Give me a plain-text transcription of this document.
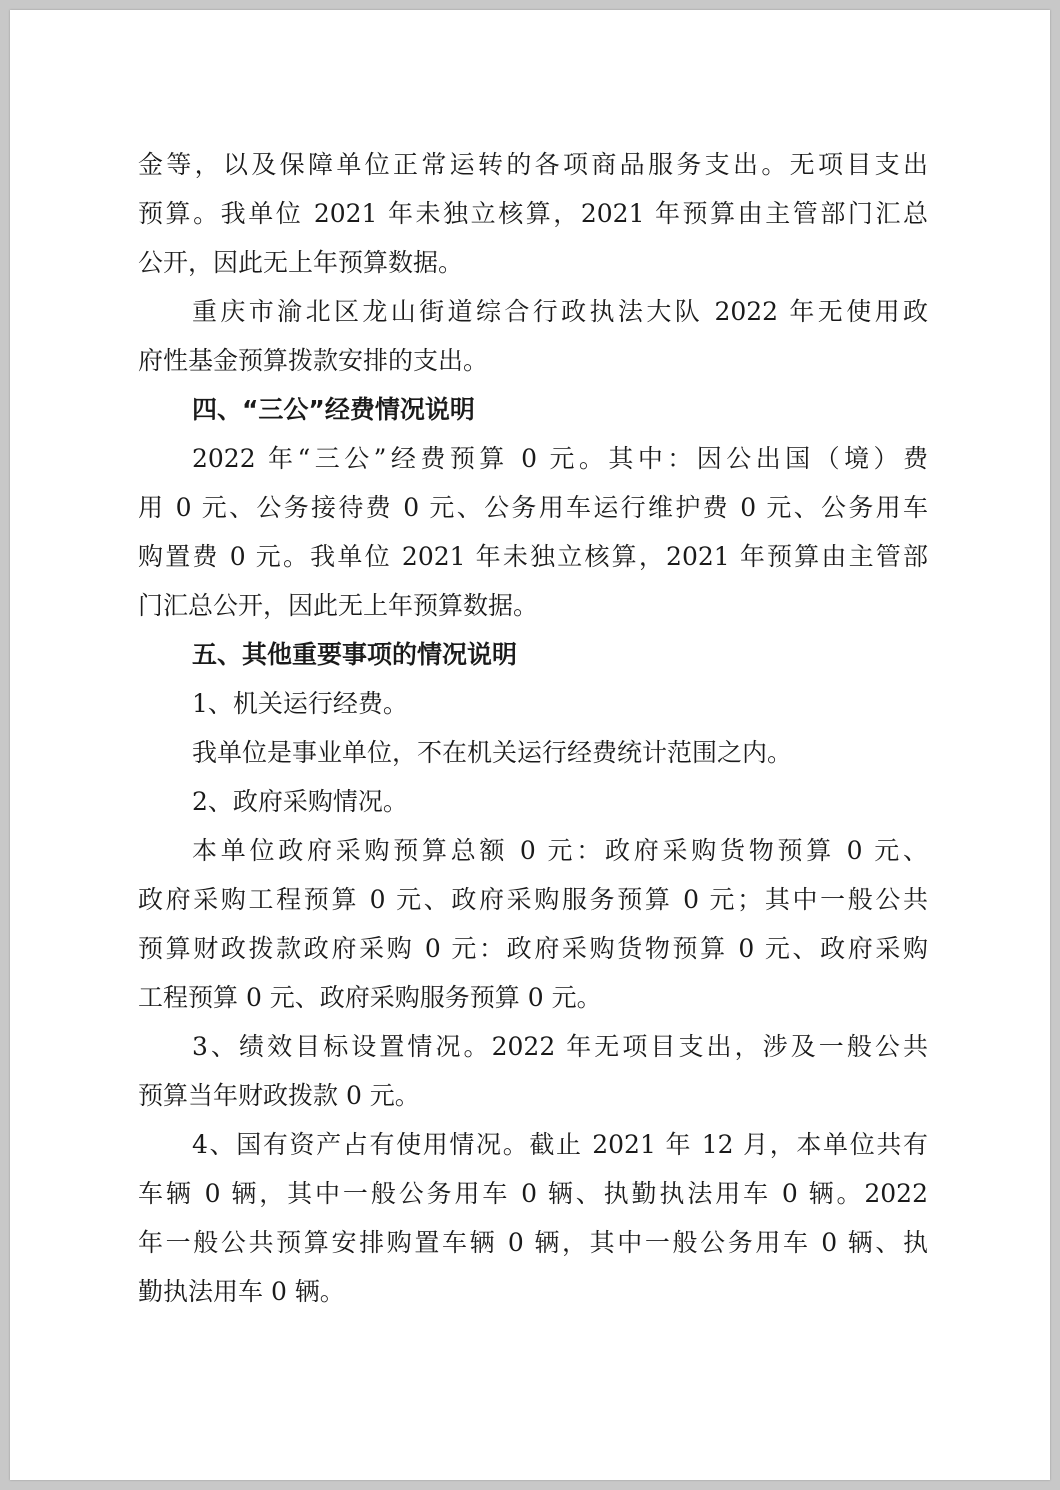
金等，以及保障单位正常运转的各项商品服务支出。无项目支出
预算。我单位 2021 年未独立核算，2021 年预算由主管部门汇总
公开，因此无上年预算数据。
重庆市渝北区龙山街道综合行政执法大队 2022 年无使用政
府性基金预算拨款安排的支出。
四、“三公”经费情况说明
2022 年“三公”经费预算 0 元。其中：因公出国（境）费
用 0 元、公务接待费 0 元、公务用车运行维护费 0 元、公务用车
购置费 0 元。我单位 2021 年未独立核算，2021 年预算由主管部
门汇总公开，因此无上年预算数据。
五、其他重要事项的情况说明
1、机关运行经费。
我单位是事业单位，不在机关运行经费统计范围之内。
2、政府采购情况。
本单位政府采购预算总额 0 元：政府采购货物预算 0 元、
政府采购工程预算 0 元、政府采购服务预算 0 元；其中一般公共
预算财政拨款政府采购 0 元：政府采购货物预算 0 元、政府采购
工程预算 0 元、政府采购服务预算 0 元。
3、绩效目标设置情况。2022 年无项目支出，涉及一般公共
预算当年财政拨款 0 元。
4、国有资产占有使用情况。截止 2021 年 12 月，本单位共有
车辆 0 辆，其中一般公务用车 0 辆、执勤执法用车 0 辆。2022
年一般公共预算安排购置车辆 0 辆，其中一般公务用车 0 辆、执
勤执法用车 0 辆。
